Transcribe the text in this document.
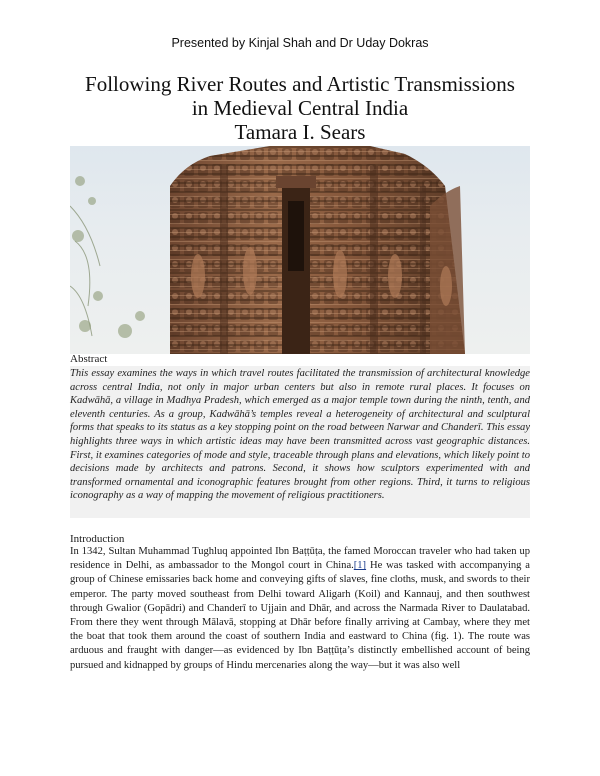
Presented by Kinjal Shah and Dr Uday Dokras
Following River Routes and Artistic Transmissions
in Medieval Central India
Tamara I. Sears
Abstract

This essay examines the ways in which travel routes facilitated the transmission of architectural knowledge across central India, not only in major urban centers but also in remote rural places. It focuses on Kadwāhā, a village in Madhya Pradesh, which emerged as a major temple town during the ninth, tenth, and eleventh centuries. As a group, Kadwāhā’s temples reveal a heterogeneity of architectural and sculptural forms that speaks to its status as a key stopping point on the road between Narwar and Chanderī. This essay highlights three ways in which artistic ideas may have been transmitted across vast geographic distances. First, it examines categories of mode and style, traceable through plans and elevations, which likely point to decisions made by architects and patrons. Second, it shows how sculptors experimented with and transformed ornamental and iconographic features brought from other regions. Third, it turns to religious iconography as a way of mapping the movement of religious practitioners.

Introduction

In 1342, Sultan Muhammad Tughluq appointed Ibn Baṭṭūṭa, the famed Moroccan traveler who had taken up residence in Delhi, as ambassador to the Mongol court in China.[1] He was tasked with accompanying a group of Chinese emissaries back home and conveying gifts of slaves, fine cloths, musk, and swords to their emperor. The party moved southeast from Delhi toward Aligarh (Koil) and Kannauj, and then southwest through Gwalior (Gopādri) and Chanderī to Ujjain and Dhār, and across the Narmada River to Daulatabad. From there they went through Mālavā, stopping at Dhār before finally arriving at Cambay, where they met the boat that took them around the coast of southern India and eastward to China (fig. 1). The route was arduous and fraught with danger—as evidenced by Ibn Baṭṭūṭa’s distinctly embellished account of being pursued and kidnapped by groups of Hindu mercenaries along the way—but it was also well
